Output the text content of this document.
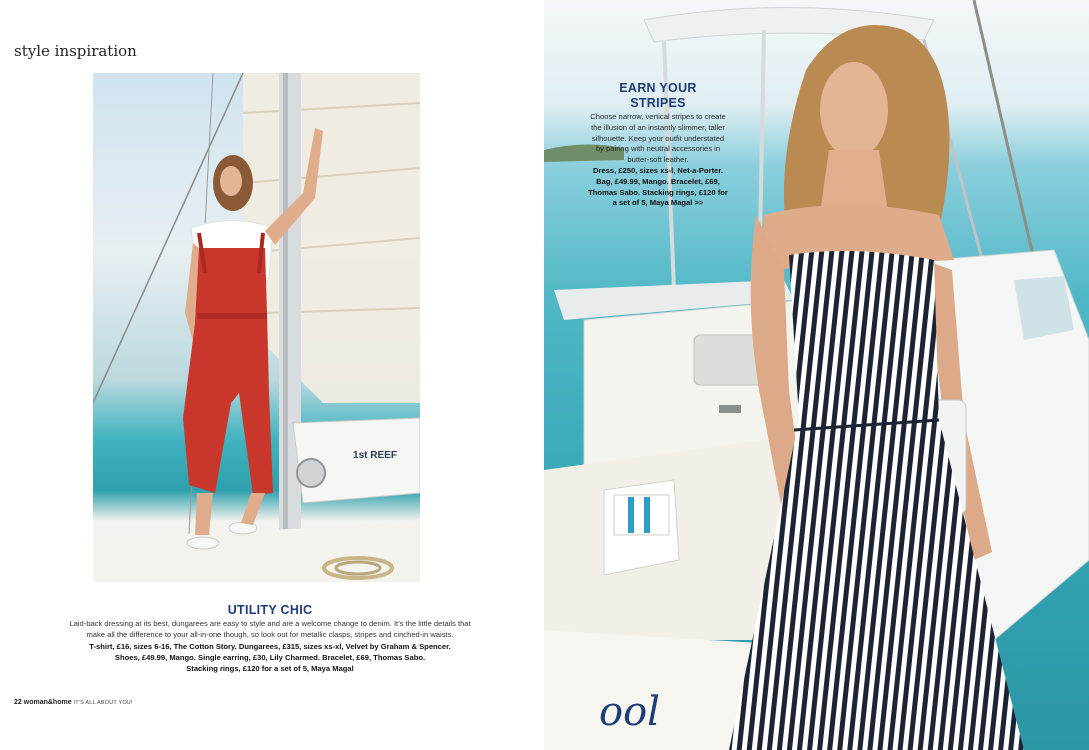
style inspiration
1st REEF
UTILITY CHIC
Laid-back dressing at its best, dungarees are easy to style and are a welcome change to denim. It’s the little details that make all the difference to your all-in-one though, so look out for metallic clasps, stripes and cinched-in waists.
T-shirt, £16, sizes 6-16, The Cotton Story. Dungarees, £315, sizes xs-xl, Velvet by Graham & Spencer.
Shoes, £49.99, Mango. Single earring, £30, Lily Charmed. Bracelet, £69, Thomas Sabo.
Stacking rings, £120 for a set of 5, Maya Magal
22 woman&home IT'S ALL ABOUT YOU!	ool
EARN YOUR
STRIPES
Choose narrow, vertical stripes to create the illusion of an instantly slimmer, taller silhouette. Keep your outfit understated by pairing with neutral accessories in butter-soft leather.
Dress, £250, sizes xs-l, Net-a-Porter. Bag, £49.99, Mango. Bracelet, £69, Thomas Sabo. Stacking rings, £120 for a set of 5, Maya Magal >>
